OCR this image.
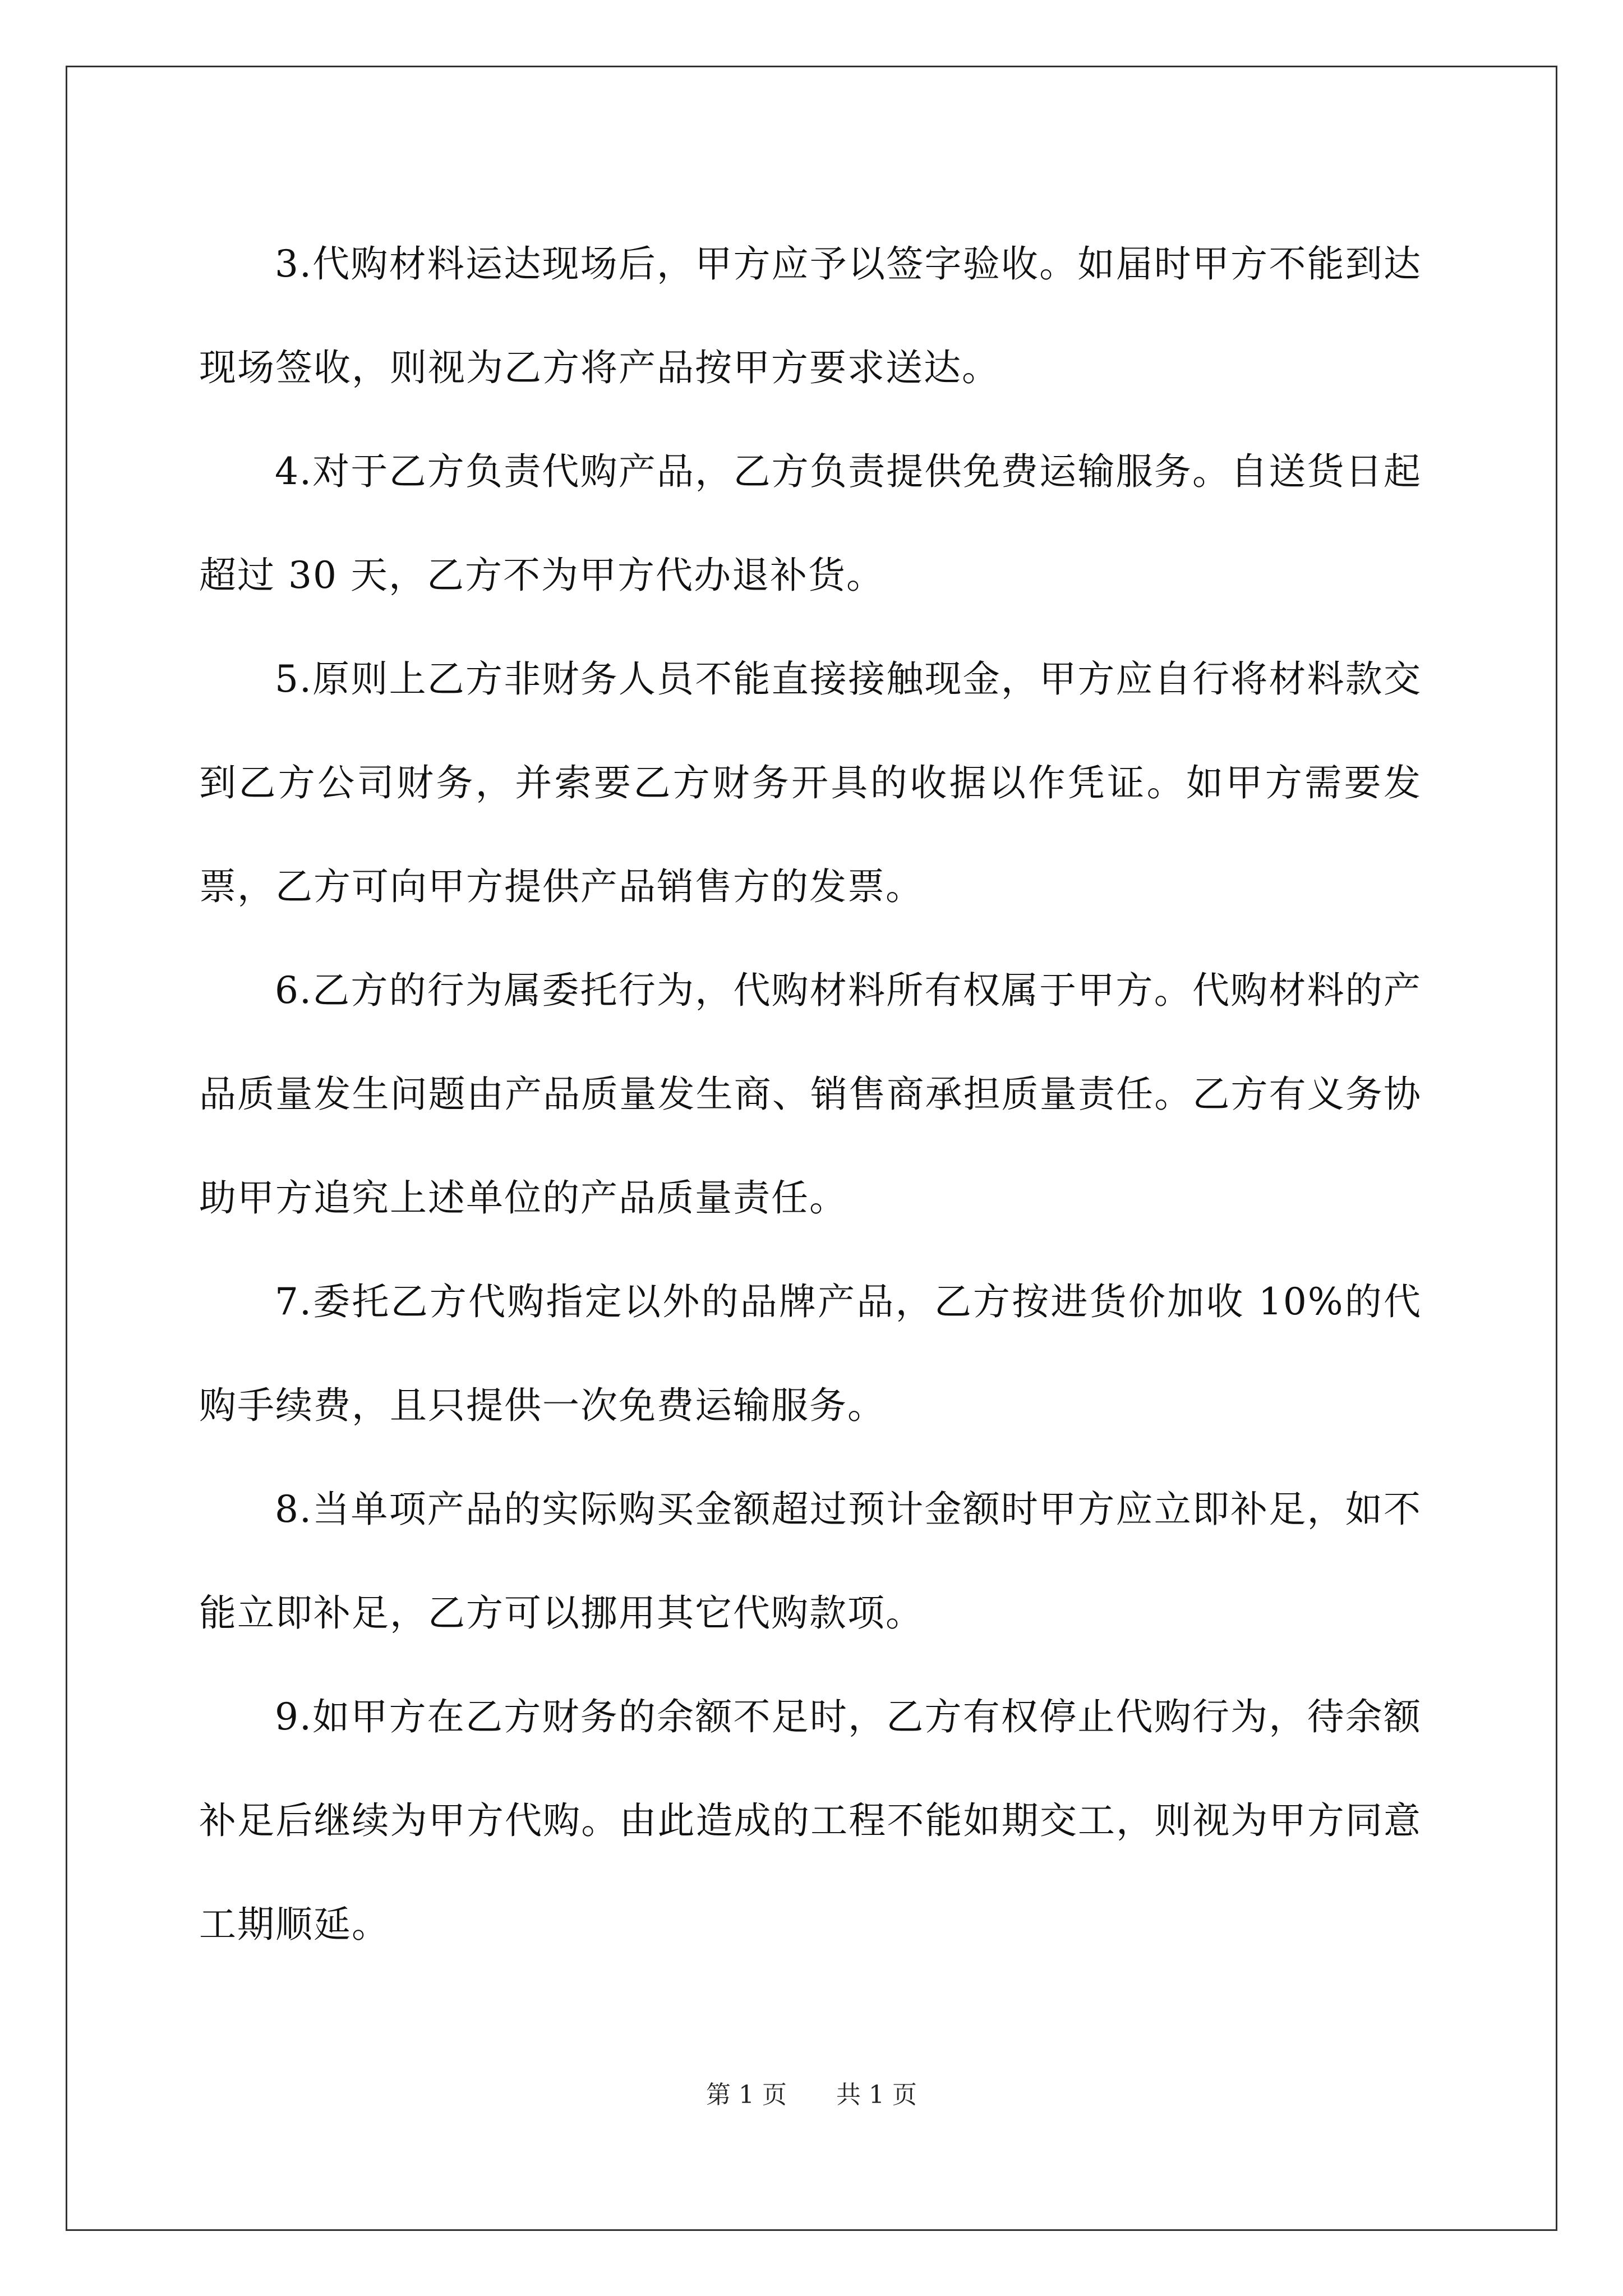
3.代购材料运达现场后，甲方应予以签字验收。如届时甲方不能到达现场签收，则视为乙方将产品按甲方要求送达。

4.对于乙方负责代购产品，乙方负责提供免费运输服务。自送货日起超过 30 天，乙方不为甲方代办退补货。

5.原则上乙方非财务人员不能直接接触现金，甲方应自行将材料款交到乙方公司财务，并索要乙方财务开具的收据以作凭证。如甲方需要发票，乙方可向甲方提供产品销售方的发票。

6.乙方的行为属委托行为，代购材料所有权属于甲方。代购材料的产品质量发生问题由产品质量发生商、销售商承担质量责任。乙方有义务协助甲方追究上述单位的产品质量责任。

7.委托乙方代购指定以外的品牌产品，乙方按进货价加收 10%的代购手续费，且只提供一次免费运输服务。

8.当单项产品的实际购买金额超过预计金额时甲方应立即补足，如不能立即补足，乙方可以挪用其它代购款项。

9.如甲方在乙方财务的余额不足时，乙方有权停止代购行为，待余额补足后继续为甲方代购。由此造成的工程不能如期交工，则视为甲方同意工期顺延。

第 1 页 共 1 页
